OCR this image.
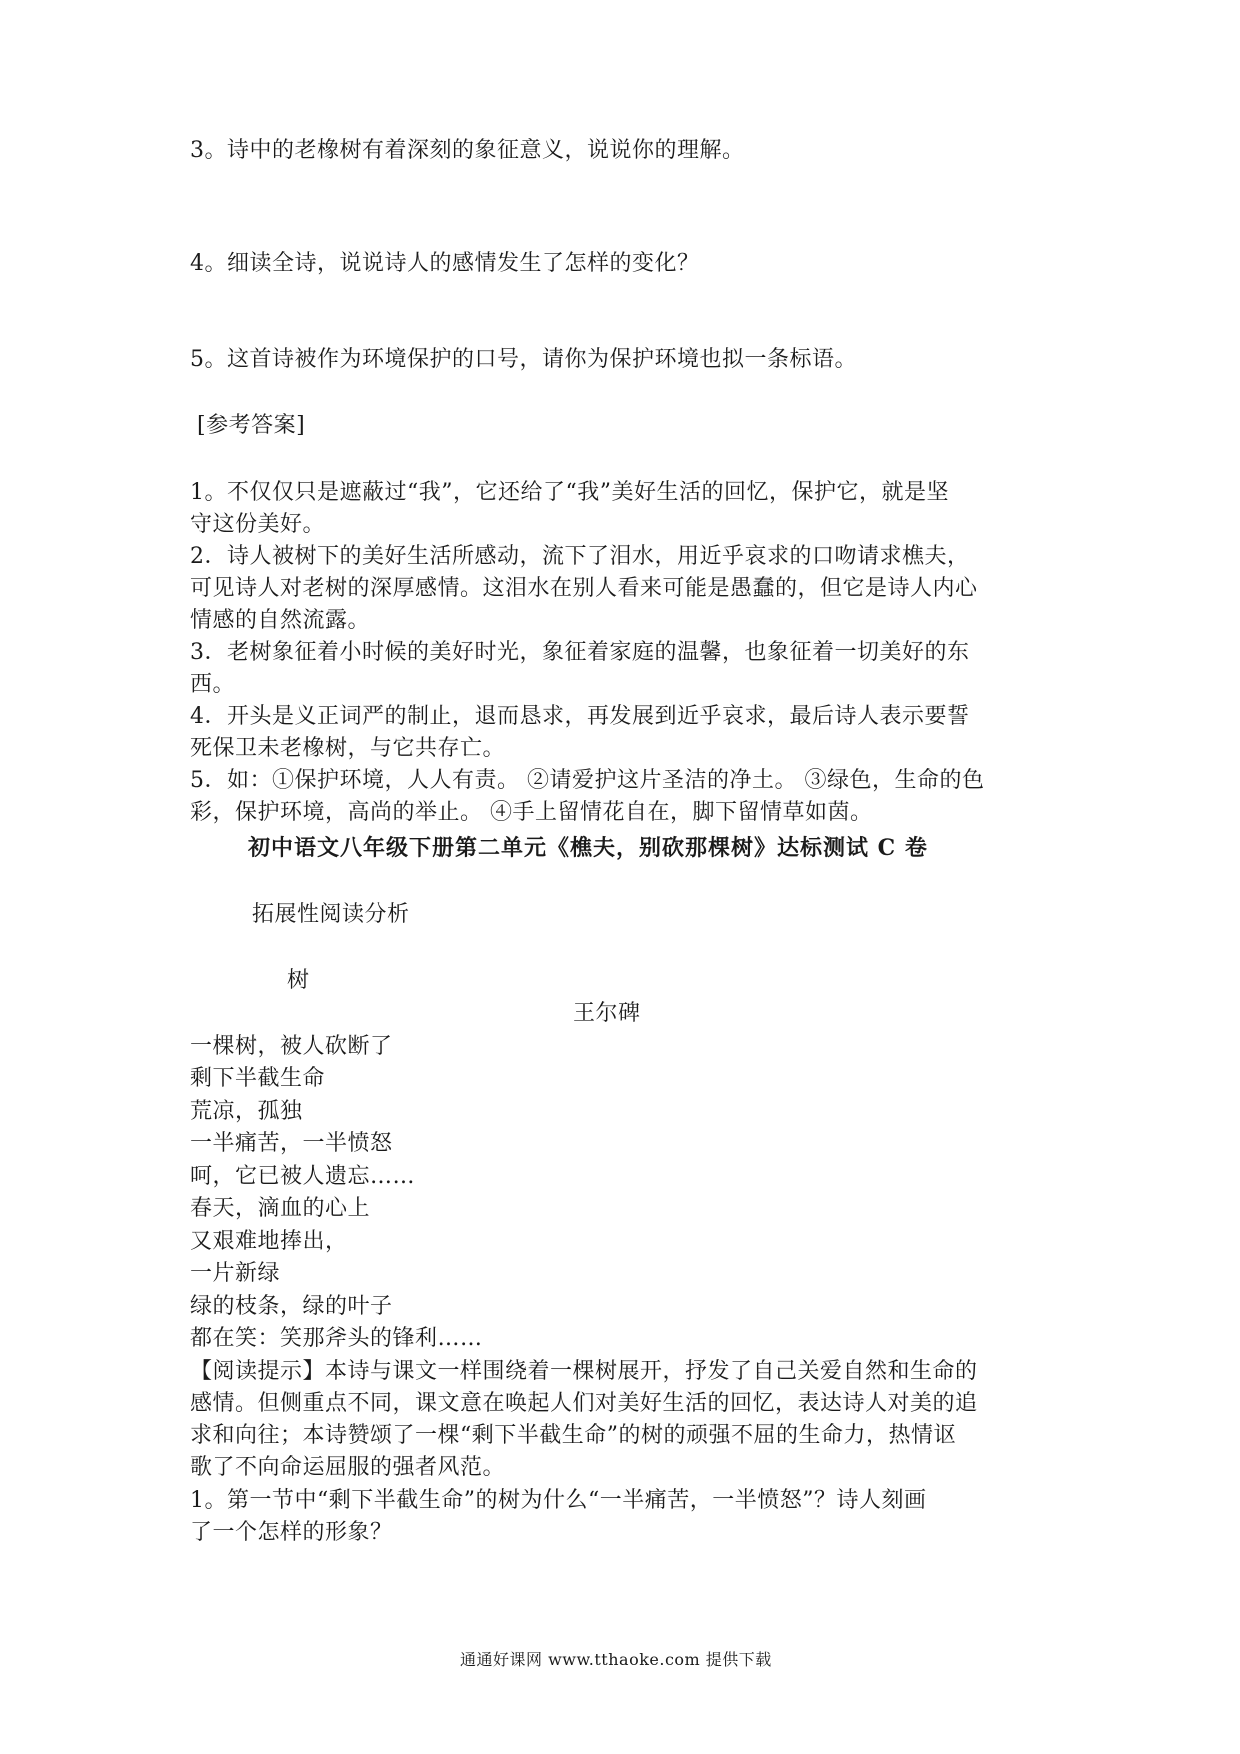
3。诗中的老橡树有着深刻的象征意义，说说你的理解。
4。细读全诗，说说诗人的感情发生了怎样的变化？
5。这首诗被作为环境保护的口号，请你为保护环境也拟一条标语。
[参考答案]
1。不仅仅只是遮蔽过“我”，它还给了“我”美好生活的回忆，保护它，就是坚
守这份美好。
2．诗人被树下的美好生活所感动，流下了泪水，用近乎哀求的口吻请求樵夫，
可见诗人对老树的深厚感情。这泪水在别人看来可能是愚蠢的，但它是诗人内心
情感的自然流露。
3．老树象征着小时候的美好时光，象征着家庭的温馨，也象征着一切美好的东
西。
4．开头是义正词严的制止，退而恳求，再发展到近乎哀求，最后诗人表示要誓
死保卫未老橡树，与它共存亡。
5．如：①保护环境，人人有责。 ②请爱护这片圣洁的净土。 ③绿色，生命的色
彩，保护环境，高尚的举止。 ④手上留情花自在，脚下留情草如茵。
初中语文八年级下册第二单元《樵夫，别砍那棵树》达标测试 C 卷
拓展性阅读分析
树
王尔碑
一棵树，被人砍断了
剩下半截生命
荒凉，孤独
一半痛苦，一半愤怒
呵，它已被人遗忘……
春天，滴血的心上
又艰难地捧出，
一片新绿
绿的枝条，绿的叶子
都在笑：笑那斧头的锋利……
【阅读提示】本诗与课文一样围绕着一棵树展开，抒发了自己关爱自然和生命的
感情。但侧重点不同，课文意在唤起人们对美好生活的回忆，表达诗人对美的追
求和向往；本诗赞颂了一棵“剩下半截生命”的树的顽强不屈的生命力，热情讴
歌了不向命运屈服的强者风范。
1。第一节中“剩下半截生命”的树为什么“一半痛苦，一半愤怒”？诗人刻画
了一个怎样的形象？
通通好课网 www.tthaoke.com 提供下载
